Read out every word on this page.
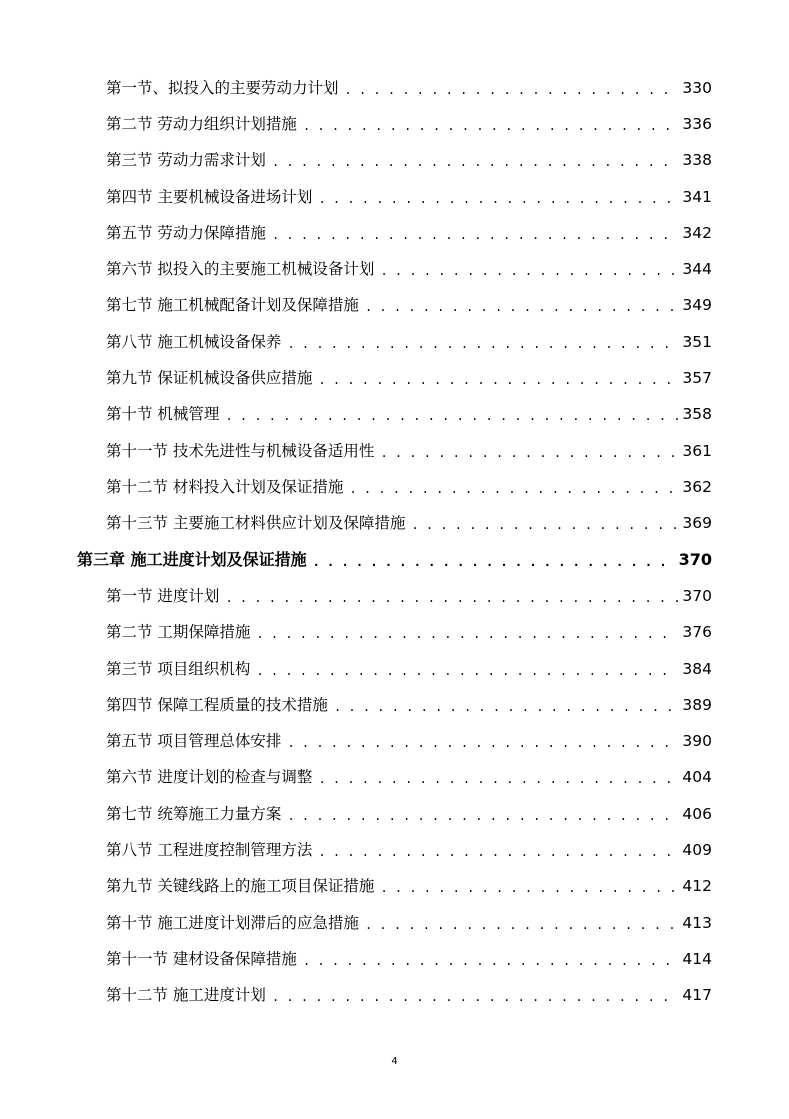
第一节、拟投入的主要劳动力计划 . . .	330
第二节 劳动力组织计划措施 . . .	336
第三节 劳动力需求计划 . . .	338
第四节 主要机械设备进场计划 . . .	341
第五节 劳动力保障措施 . . .	342
第六节 拟投入的主要施工机械设备计划 . . .	344
第七节 施工机械配备计划及保障措施 . . .	349
第八节 施工机械设备保养 . . .	351
第九节 保证机械设备供应措施 . . .	357
第十节 机械管理 . . .	358
第十一节 技术先进性与机械设备适用性 . . .	361
第十二节 材料投入计划及保证措施 . . .	362
第十三节 主要施工材料供应计划及保障措施 . . .	369
第三章 施工进度计划及保证措施 . . .	370
第一节 进度计划 . . .	370
第二节 工期保障措施 . . .	376
第三节 项目组织机构 . . .	384
第四节 保障工程质量的技术措施 . . .	389
第五节 项目管理总体安排 . . .	390
第六节 进度计划的检查与调整 . . .	404
第七节 统筹施工力量方案 . . .	406
第八节 工程进度控制管理方法 . . .	409
第九节 关键线路上的施工项目保证措施 . . .	412
第十节 施工进度计划滞后的应急措施 . . .	413
第十一节 建材设备保障措施 . . .	414
第十二节 施工进度计划 . . .	417
4
